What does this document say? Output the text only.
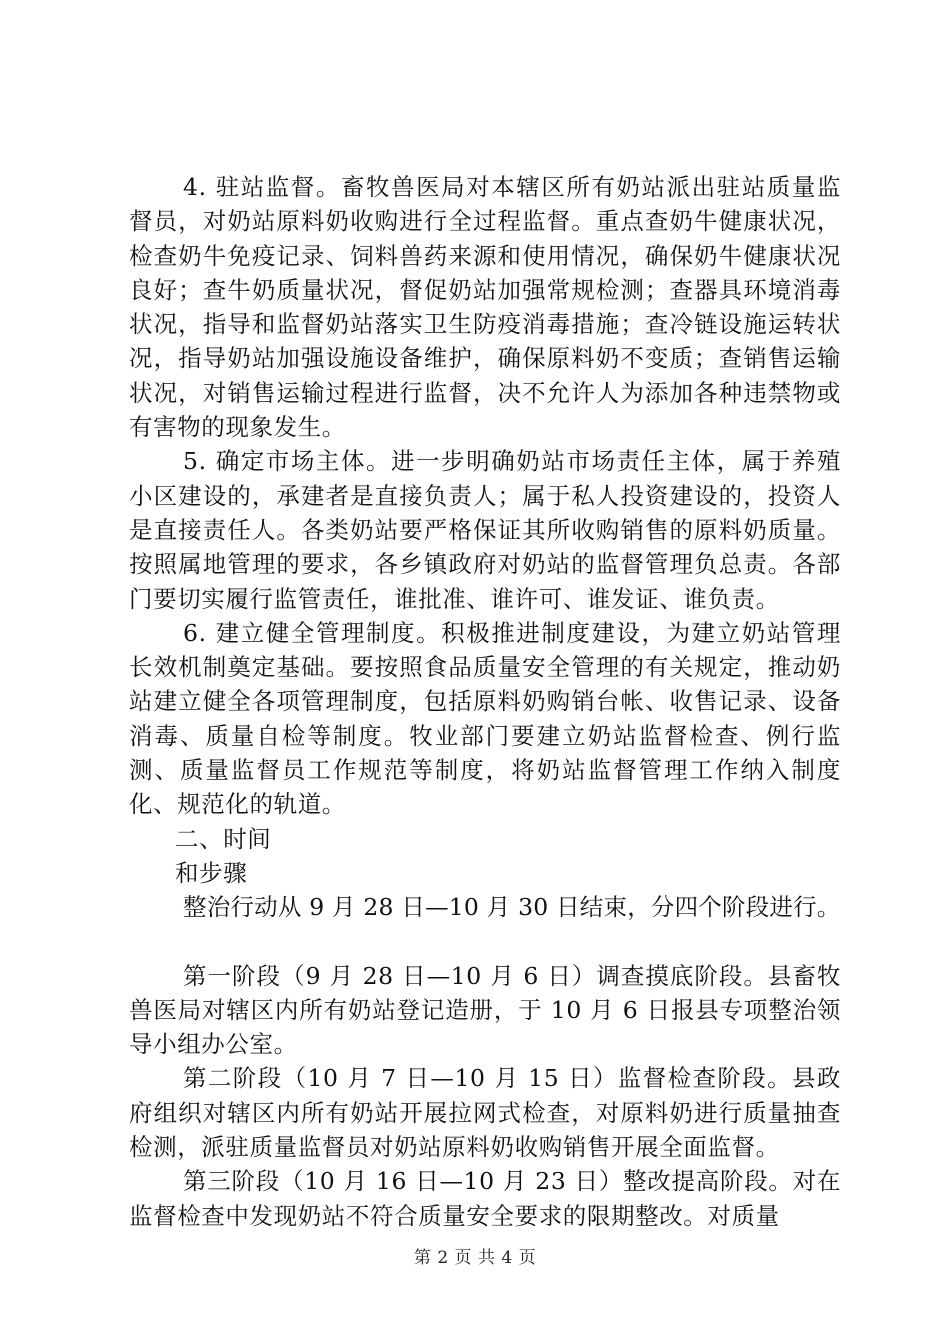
4. 驻站监督。畜牧兽医局对本辖区所有奶站派出驻站质量监督员，对奶站原料奶收购进行全过程监督。重点查奶牛健康状况，检查奶牛免疫记录、饲料兽药来源和使用情况，确保奶牛健康状况良好；查牛奶质量状况，督促奶站加强常规检测；查器具环境消毒状况，指导和监督奶站落实卫生防疫消毒措施；查冷链设施运转状况，指导奶站加强设施设备维护，确保原料奶不变质；查销售运输状况，对销售运输过程进行监督，决不允许人为添加各种违禁物或有害物的现象发生。

5. 确定市场主体。进一步明确奶站市场责任主体，属于养殖小区建设的，承建者是直接负责人；属于私人投资建设的，投资人是直接责任人。各类奶站要严格保证其所收购销售的原料奶质量。按照属地管理的要求，各乡镇政府对奶站的监督管理负总责。各部门要切实履行监管责任，谁批准、谁许可、谁发证、谁负责。

6. 建立健全管理制度。积极推进制度建设，为建立奶站管理长效机制奠定基础。要按照食品质量安全管理的有关规定，推动奶站建立健全各项管理制度，包括原料奶购销台帐、收售记录、设备消毒、质量自检等制度。牧业部门要建立奶站监督检查、例行监测、质量监督员工作规范等制度，将奶站监督管理工作纳入制度化、规范化的轨道。

二、时间

和步骤

整治行动从 9 月 28 日—10 月 30 日结束，分四个阶段进行。

第一阶段（9 月 28 日—10 月 6 日）调查摸底阶段。县畜牧兽医局对辖区内所有奶站登记造册，于 10 月 6 日报县专项整治领导小组办公室。

第二阶段（10 月 7 日—10 月 15 日）监督检查阶段。县政府组织对辖区内所有奶站开展拉网式检查，对原料奶进行质量抽查检测，派驻质量监督员对奶站原料奶收购销售开展全面监督。

第三阶段（10 月 16 日—10 月 23 日）整改提高阶段。对在监督检查中发现奶站不符合质量安全要求的限期整改。对质量

第 2 页 共 4 页
